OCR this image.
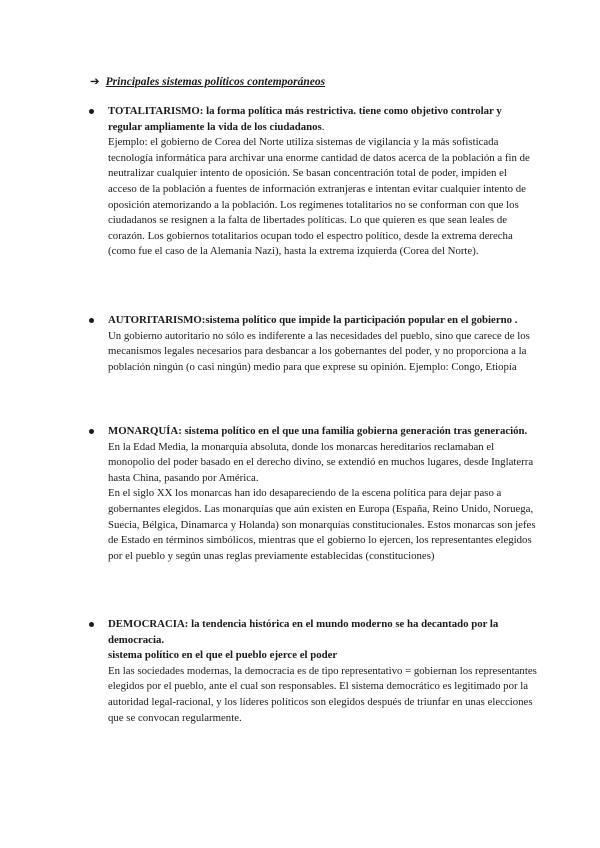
➔ Principales sistemas políticos contemporáneos
TOTALITARISMO: la forma política más restrictiva. tiene como objetivo controlar y regular ampliamente la vida de los ciudadanos.

Ejemplo: el gobierno de Corea del Norte utiliza sistemas de vigilancia y la más sofisticada tecnología informática para archivar una enorme cantidad de datos acerca de la población a fin de neutralizar cualquier intento de oposición. Se basan concentración total de poder, impiden el acceso de la población a fuentes de información extranjeras e intentan evitar cualquier intento de oposición atemorizando a la población. Los regímenes totalitarios no se conforman con que los ciudadanos se resignen a la falta de libertades políticas. Lo que quieren es que sean leales de corazón. Los gobiernos totalitarios ocupan todo el espectro político, desde la extrema derecha (como fue el caso de la Alemania Nazi), hasta la extrema izquierda (Corea del Norte).

AUTORITARISMO:sistema político que impide la participación popular en el gobierno .

Un gobierno autoritario no sólo es indiferente a las necesidades del pueblo, sino que carece de los mecanismos legales necesarios para desbancar a los gobernantes del poder, y no proporciona a la población ningún (o casi ningún) medio para que exprese su opinión. Ejemplo: Congo, Etiopía

MONARQUÍA: sistema político en el que una familia gobierna generación tras generación.

En la Edad Media, la monarquía absoluta, donde los monarcas hereditarios reclamaban el monopolio del poder basado en el derecho divino, se extendió en muchos lugares, desde Inglaterra hasta China, pasando por América.

En el siglo XX los monarcas han ido desapareciendo de la escena política para dejar paso a gobernantes elegidos. Las monarquías que aún existen en Europa (España, Reino Unido, Noruega, Suecia, Bélgica, Dinamarca y Holanda) son monarquías constitucionales. Estos monarcas son jefes de Estado en términos simbólicos, mientras que el gobierno lo ejercen, los representantes elegidos por el pueblo y según unas reglas previamente establecidas (constituciones)

DEMOCRACIA: la tendencia histórica en el mundo moderno se ha decantado por la democracia.
sistema político en el que el pueblo ejerce el poder

En las sociedades modernas, la democracia es de tipo representativo = gobiernan los representantes elegidos por el pueblo, ante el cual son responsables. El sistema democrático es legitimado por la autoridad legal-racional, y los líderes políticos son elegidos después de triunfar en unas elecciones que se convocan regularmente.
